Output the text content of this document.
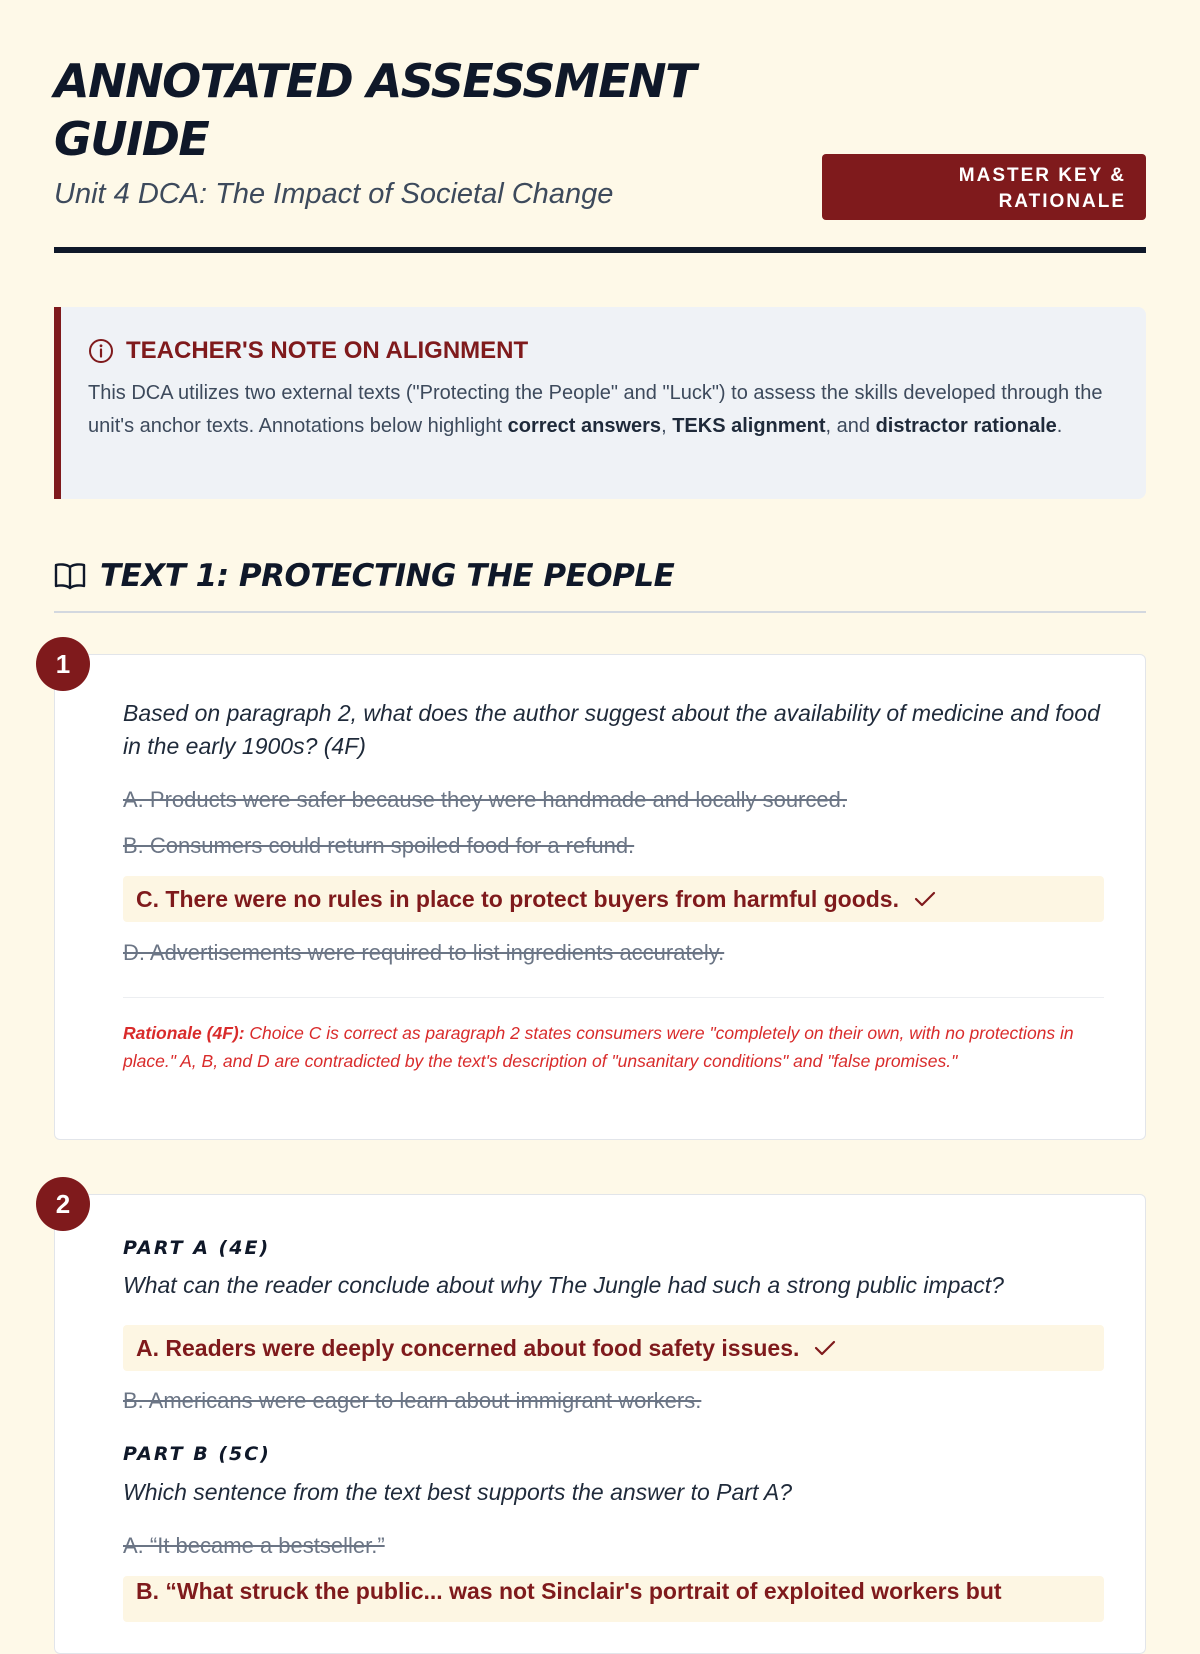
ANNOTATED ASSESSMENT GUIDE
Unit 4 DCA: The Impact of Societal Change
MASTER KEY & RATIONALE
TEACHER'S NOTE ON ALIGNMENT
This DCA utilizes two external texts ("Protecting the People" and "Luck") to assess the skills developed through the unit's anchor texts. Annotations below highlight correct answers, TEKS alignment, and distractor rationale.
TEXT 1: PROTECTING THE PEOPLE
1
Based on paragraph 2, what does the author suggest about the availability of medicine and food in the early 1900s? (4F)
A. Products were safer because they were handmade and locally sourced.
B. Consumers could return spoiled food for a refund.
C. There were no rules in place to protect buyers from harmful goods.
D. Advertisements were required to list ingredients accurately.
Rationale (4F): Choice C is correct as paragraph 2 states consumers were "completely on their own, with no protections in place." A, B, and D are contradicted by the text's description of "unsanitary conditions" and "false promises."
2
PART A (4E)
What can the reader conclude about why The Jungle had such a strong public impact?
A. Readers were deeply concerned about food safety issues.
B. Americans were eager to learn about immigrant workers.
PART B (5C)
Which sentence from the text best supports the answer to Part A?
A. “It became a bestseller.”
B. “What struck the public... was not Sinclair's portrait of exploited workers but
